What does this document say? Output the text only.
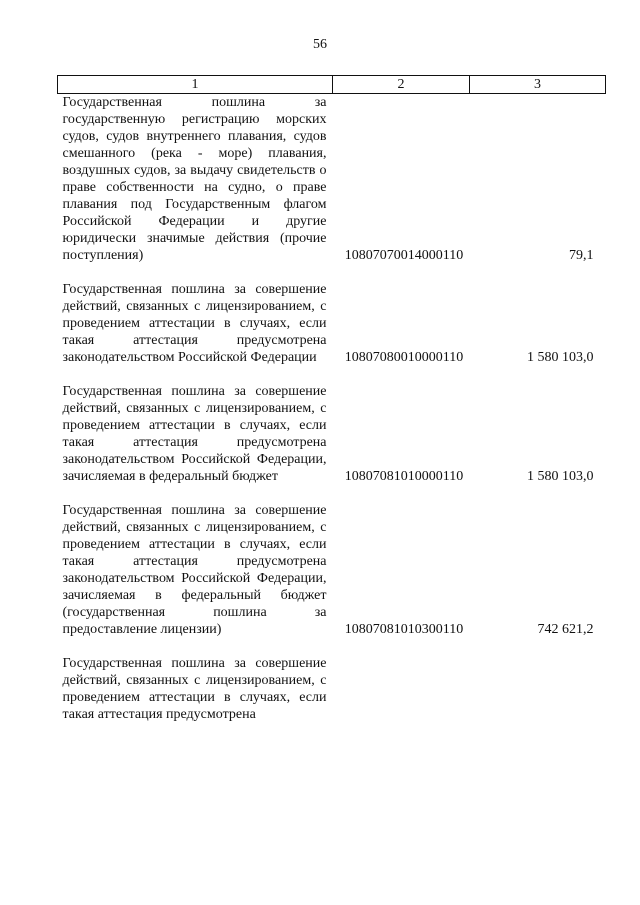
56
1	2	3
Государственная пошлина за государственную регистрацию морских судов, судов внутреннего плавания, судов смешанного (река - море) плавания, воздушных судов, за выдачу свидетельств о праве собственности на судно, о праве плавания под Государственным флагом Российской Федерации и другие юридически значимые действия (прочие поступления)	10807070014000110	79,1
Государственная пошлина за совершение действий, связанных с лицензированием, с проведением аттестации в случаях, если такая аттестация предусмотрена законодательством Российской Федерации	10807080010000110	1 580 103,0
Государственная пошлина за совершение действий, связанных с лицензированием, с проведением аттестации в случаях, если такая аттестация предусмотрена законодательством Российской Федерации, зачисляемая в федеральный бюджет	10807081010000110	1 580 103,0
Государственная пошлина за совершение действий, связанных с лицензированием, с проведением аттестации в случаях, если такая аттестация предусмотрена законодательством Российской Федерации, зачисляемая в федеральный бюджет (государственная пошлина за предоставление лицензии)	10807081010300110	742 621,2
Государственная пошлина за совершение действий, связанных с лицензированием, с проведением аттестации в случаях, если такая аттестация предусмотрена		
